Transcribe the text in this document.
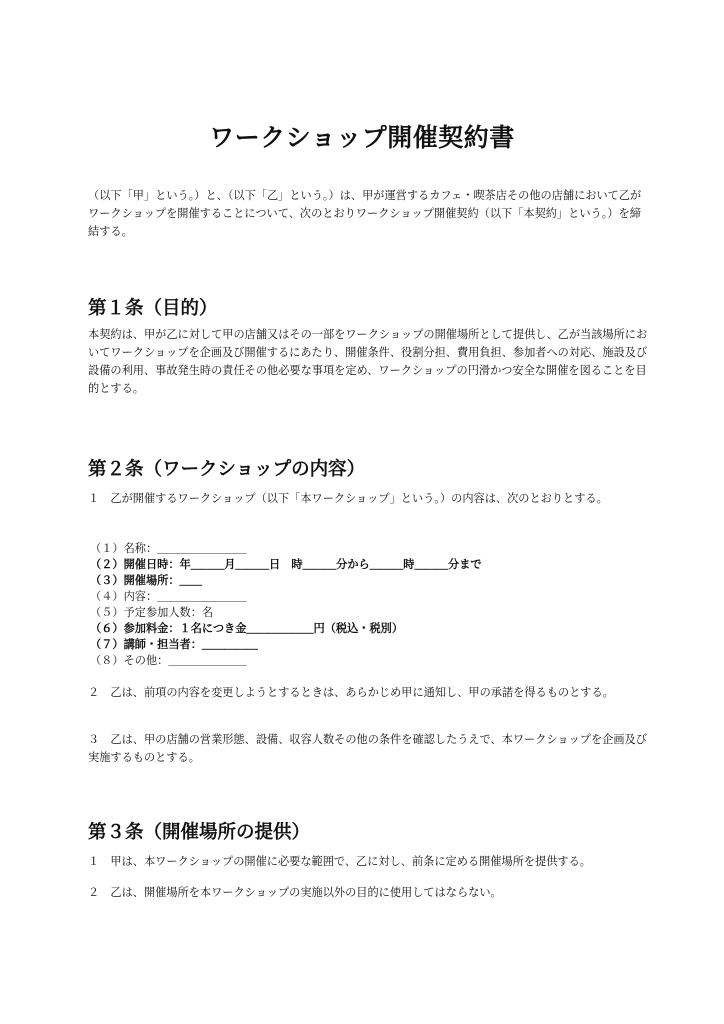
ワークショップ開催契約書

（以下「甲」という。）と、（以下「乙」という。）は、甲が運営するカフェ・喫茶店その他の店舗において乙がワークショップを開催することについて、次のとおりワークショップ開催契約（以下「本契約」という。）を締結する。

第１条（目的）

本契約は、甲が乙に対して甲の店舗又はその一部をワークショップの開催場所として提供し、乙が当該場所においてワークショップを企画及び開催するにあたり、開催条件、役割分担、費用負担、参加者への対応、施設及び設備の利用、事故発生時の責任その他必要な事項を定め、ワークショップの円滑かつ安全な開催を図ることを目的とする。

第２条（ワークショップの内容）

１　乙が開催するワークショップ（以下「本ワークショップ」という。）の内容は、次のとおりとする。

（１）名称：＿＿＿＿＿＿＿＿

（２）開催日時：年＿＿＿月＿＿＿日　時＿＿＿分から＿＿＿時＿＿＿分まで

（３）開催場所：＿＿

（４）内容：＿＿＿＿＿＿＿＿

（５）予定参加人数：名

（６）参加料金：１名につき金＿＿＿＿＿＿円（税込・税別）

（７）講師・担当者：＿＿＿＿＿

（８）その他：＿＿＿＿＿＿＿

２　乙は、前項の内容を変更しようとするときは、あらかじめ甲に通知し、甲の承諾を得るものとする。

３　乙は、甲の店舗の営業形態、設備、収容人数その他の条件を確認したうえで、本ワークショップを企画及び実施するものとする。

第３条（開催場所の提供）

１　甲は、本ワークショップの開催に必要な範囲で、乙に対し、前条に定める開催場所を提供する。

２　乙は、開催場所を本ワークショップの実施以外の目的に使用してはならない。
